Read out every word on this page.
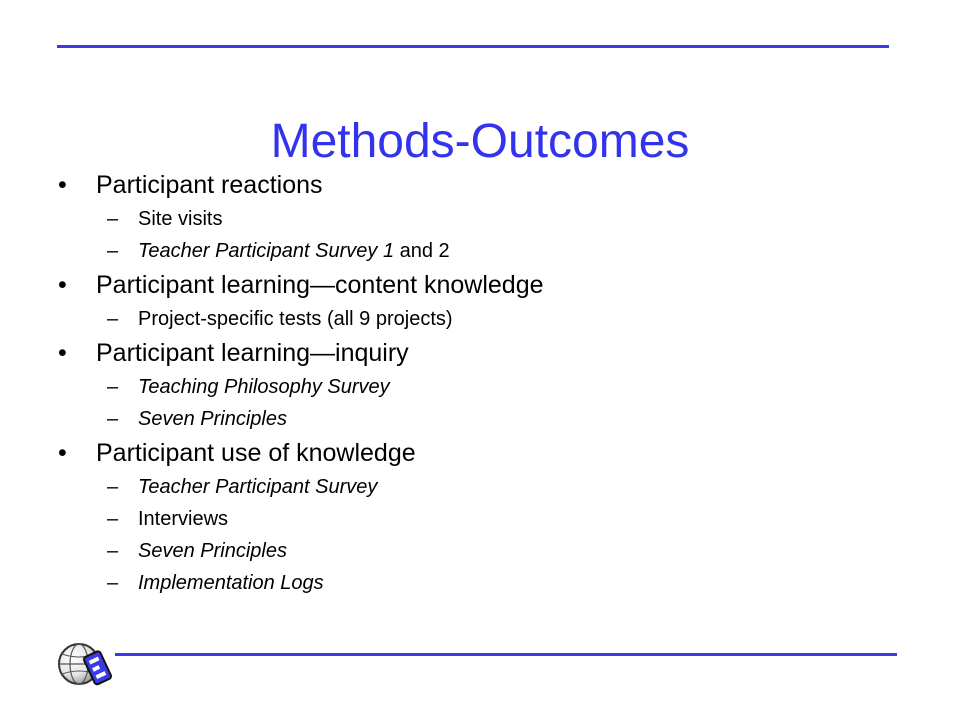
Methods-Outcomes
• Participant reactions
– Site visits
– Teacher Participant Survey 1 and 2
• Participant learning—content knowledge
– Project-specific tests (all 9 projects)
• Participant learning—inquiry
– Teaching Philosophy Survey
– Seven Principles
• Participant use of knowledge
– Teacher Participant Survey
– Interviews
– Seven Principles
– Implementation Logs
